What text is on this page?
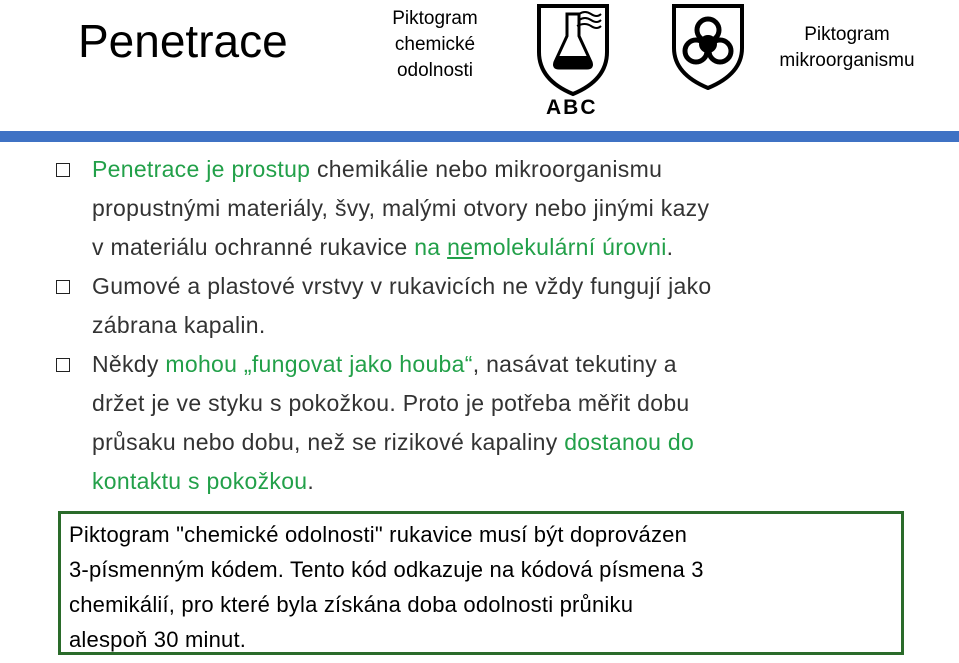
Penetrace	Piktogram
chemické
odolnosti
ABC
Piktogram
mikroorganismu
Penetrace je prostup chemikálie nebo mikroorganismu
propustnými materiály, švy, malými otvory nebo jinými kazy
v materiálu ochranné rukavice na nemolekulární úrovni.
Gumové a plastové vrstvy v rukavicích ne vždy fungují jako
zábrana kapalin.
Někdy mohou „fungovat jako houba“, nasávat tekutiny a
držet je ve styku s pokožkou. Proto je potřeba měřit dobu
průsaku nebo dobu, než se rizikové kapaliny dostanou do
kontaktu s pokožkou.
Piktogram "chemické odolnosti" rukavice musí být doprovázen
3-písmenným kódem. Tento kód odkazuje na kódová písmena 3
chemikálií, pro které byla získána doba odolnosti průniku
alespoň 30 minut.
